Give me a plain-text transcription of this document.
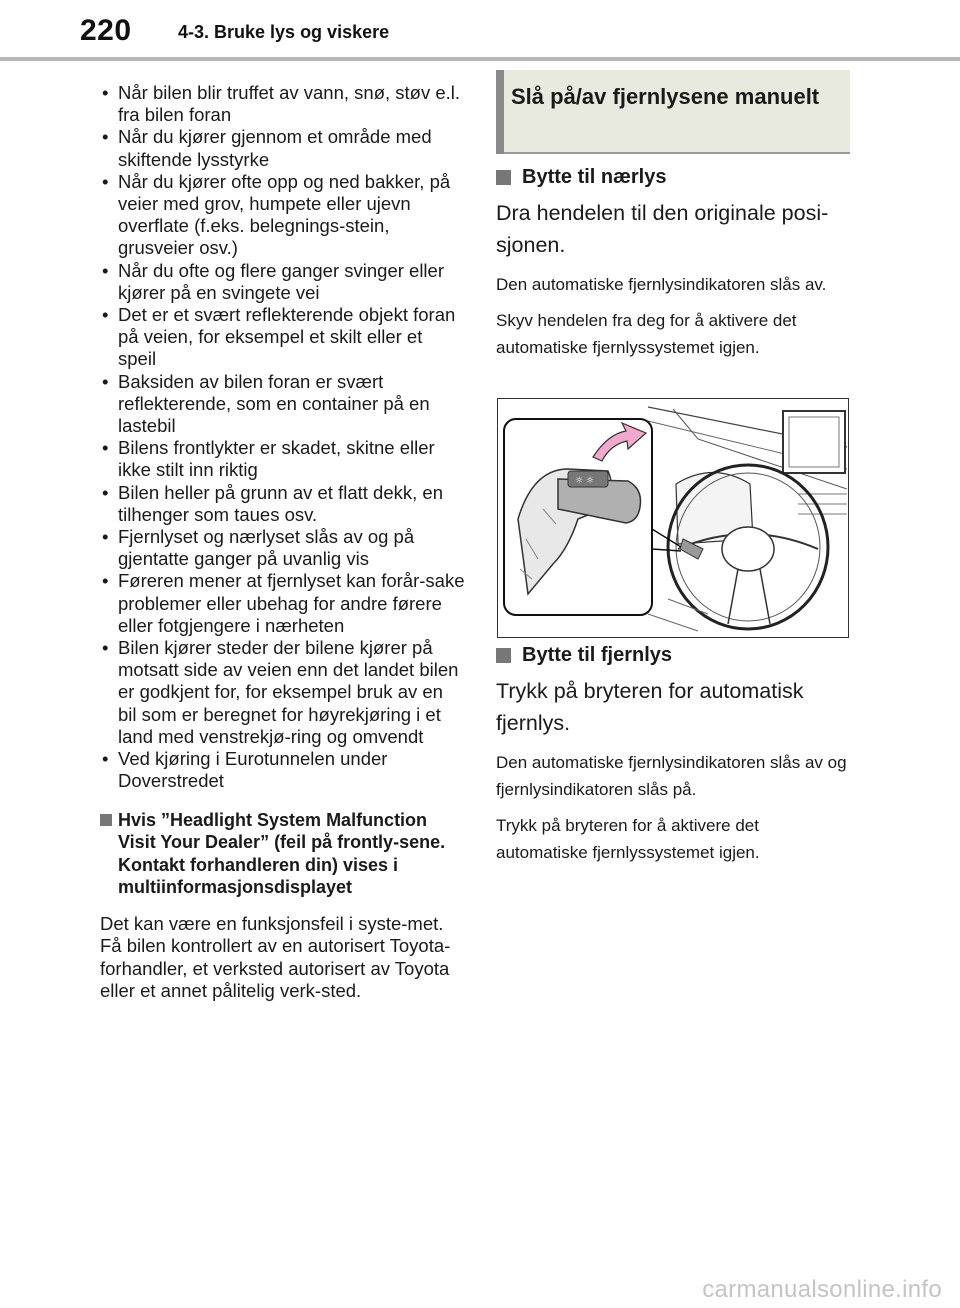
220	4-3. Bruke lys og viskere
• Når bilen blir truffet av vann, snø, støv e.l. fra bilen foran
• Når du kjører gjennom et område med skiftende lysstyrke
• Når du kjører ofte opp og ned bakker, på veier med grov, humpete eller ujevn overflate (f.eks. belegnings-stein, grusveier osv.)
• Når du ofte og flere ganger svinger eller kjører på en svingete vei
• Det er et svært reflekterende objekt foran på veien, for eksempel et skilt eller et speil
• Baksiden av bilen foran er svært reflekterende, som en container på en lastebil
• Bilens frontlykter er skadet, skitne eller ikke stilt inn riktig
• Bilen heller på grunn av et flatt dekk, en tilhenger som taues osv.
• Fjernlyset og nærlyset slås av og på gjentatte ganger på uvanlig vis
• Føreren mener at fjernlyset kan forår-sake problemer eller ubehag for andre førere eller fotgjengere i nærheten
• Bilen kjører steder der bilene kjører på motsatt side av veien enn det landet bilen er godkjent for, for eksempel bruk av en bil som er beregnet for høyrekjøring i et land med venstrekjø-ring og omvendt
• Ved kjøring i Eurotunnelen under Doverstredet
Hvis ”Headlight System Malfunction Visit Your Dealer” (feil på frontly-sene. Kontakt forhandleren din) vises i multiinformasjonsdisplayet
Det kan være en funksjonsfeil i syste-met. Få bilen kontrollert av en autorisert Toyota-forhandler, et verksted autorisert av Toyota eller et annet pålitelig verk-sted.
Slå på/av fjernlysene manuelt
Bytte til nærlys
Dra hendelen til den originale posi-sjonen.
Den automatiske fjernlysindikatoren slås av.
Skyv hendelen fra deg for å aktivere det automatiske fjernlyssystemet igjen.
Bytte til fjernlys
Trykk på bryteren for automatisk fjernlys.
Den automatiske fjernlysindikatoren slås av og fjernlysindikatoren slås på.
Trykk på bryteren for å aktivere det automatiske fjernlyssystemet igjen.
☼ ☼
carmanualsonline.info
